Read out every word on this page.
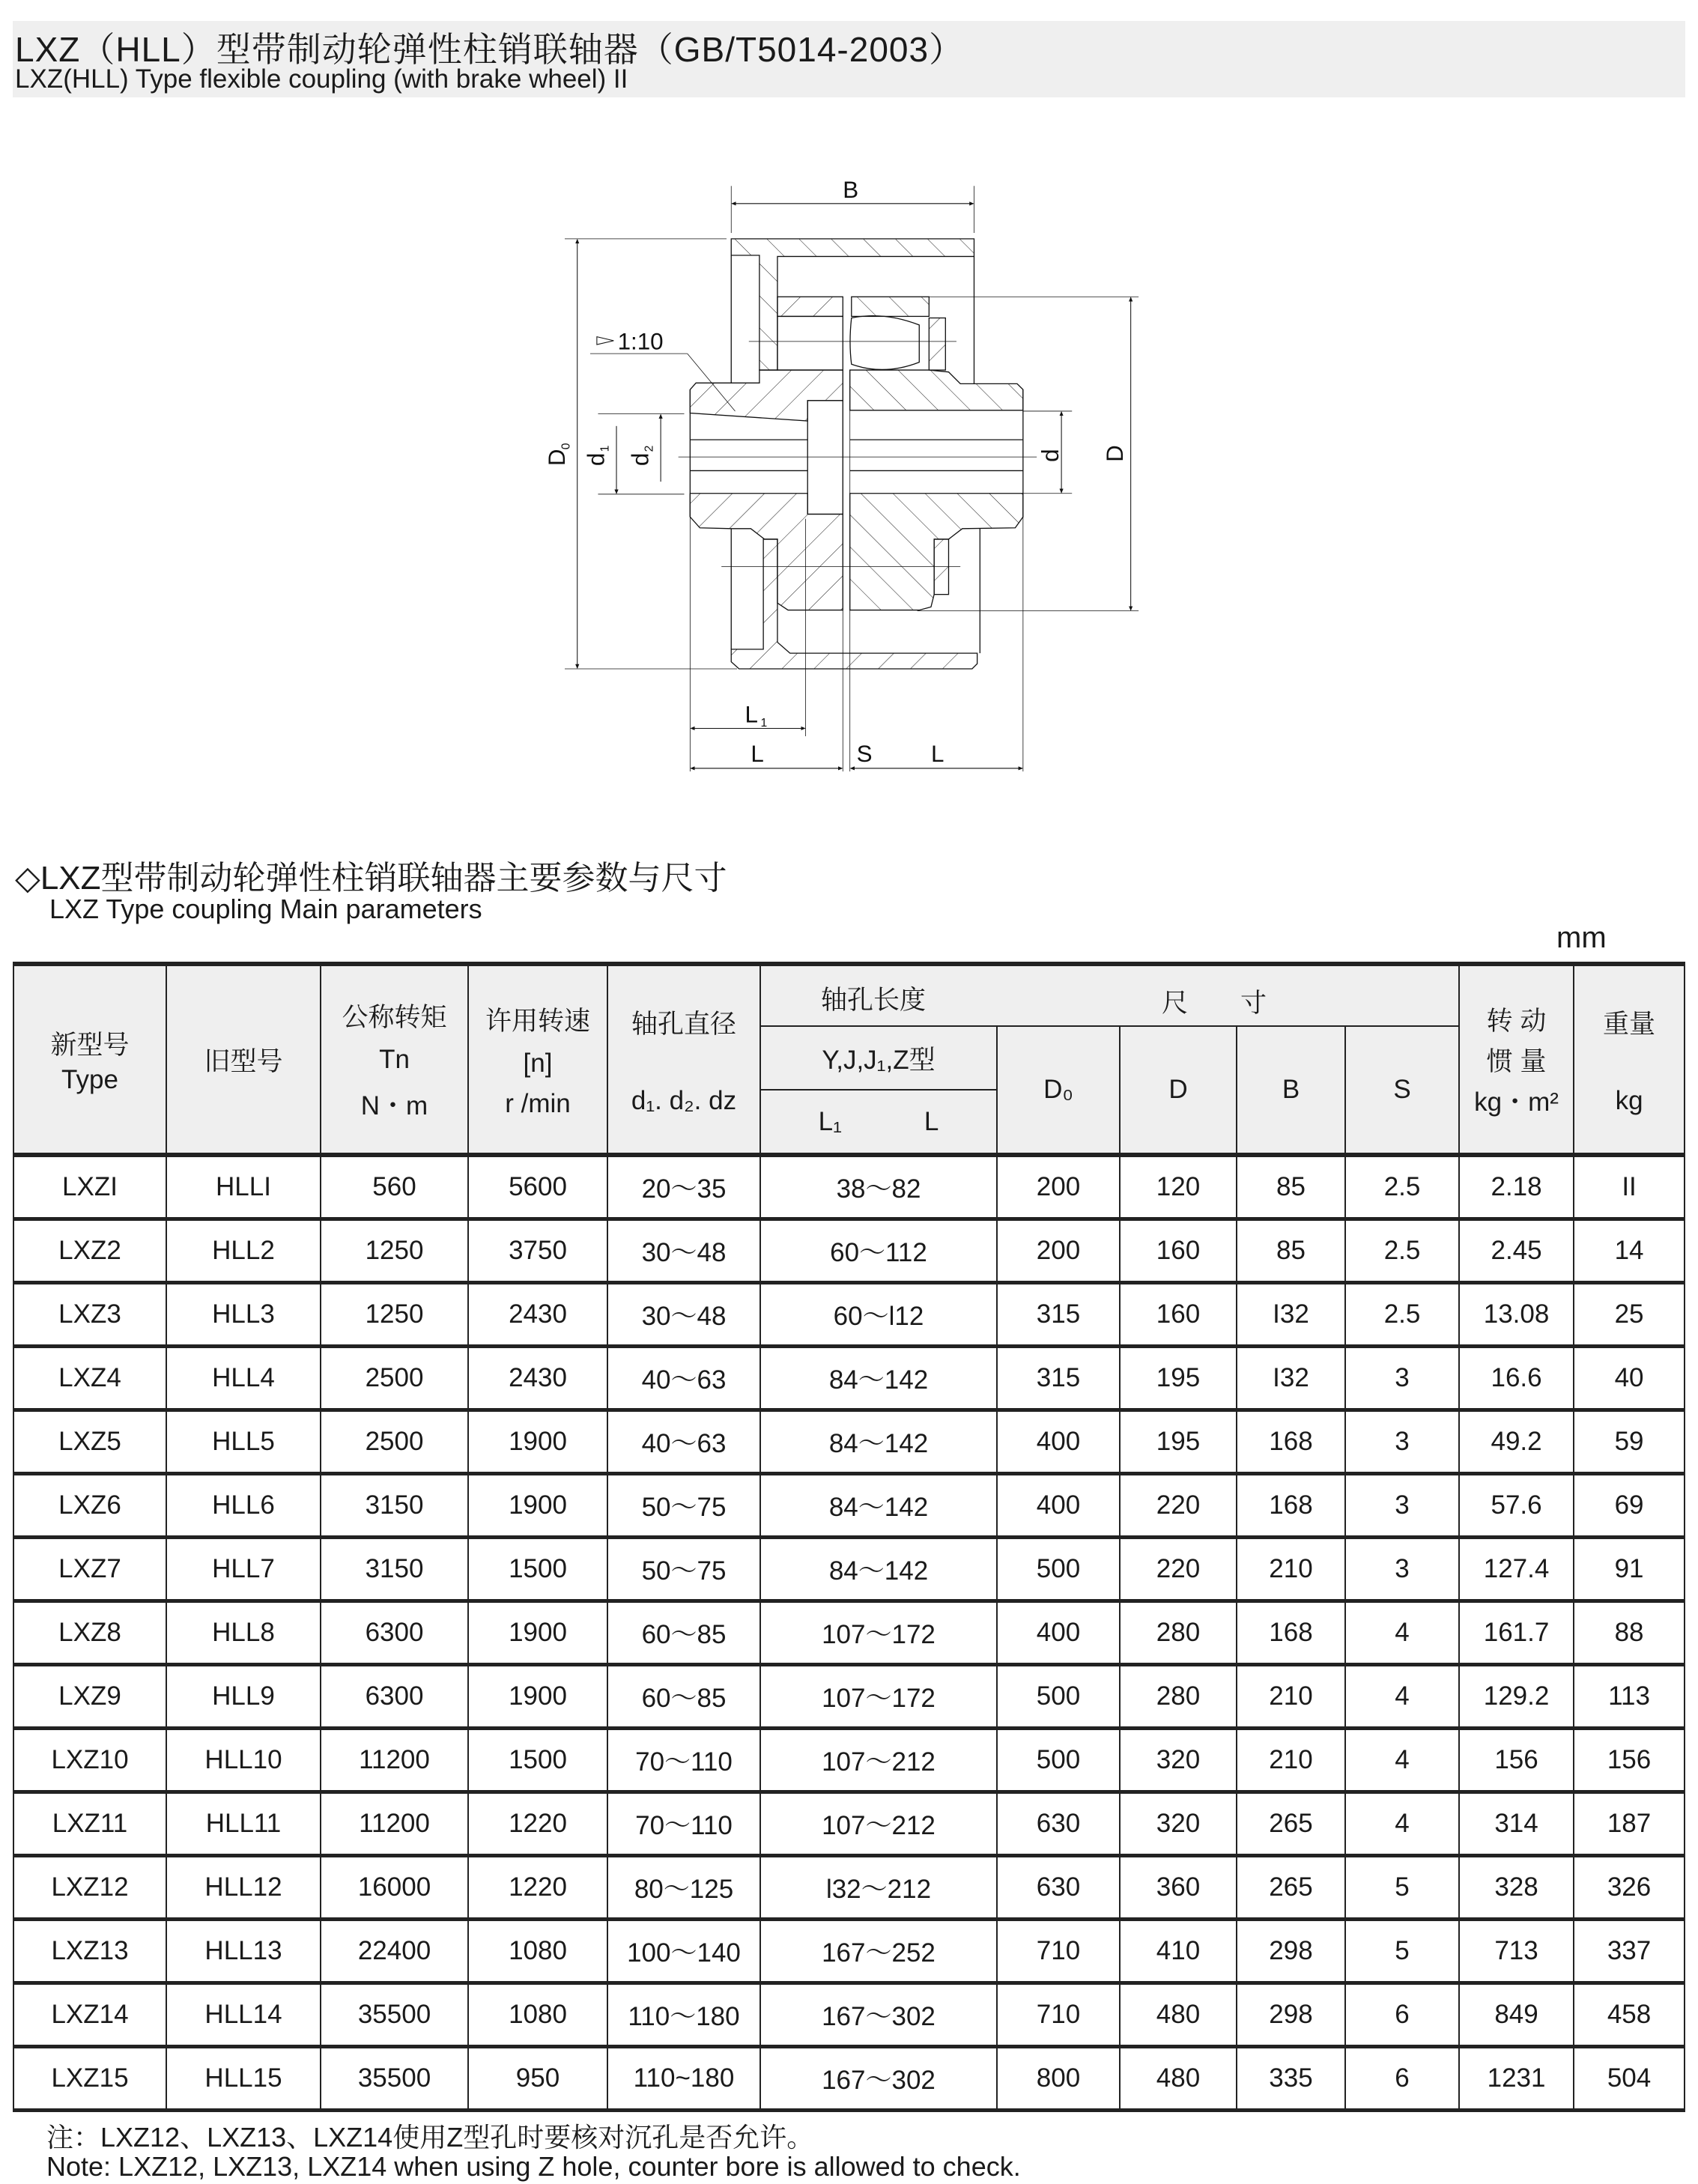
LXZ（HLL）型带制动轮弹性柱销联轴器（GB/T5014-2003）
LXZ(HLL) Type flexible coupling (with brake wheel) II
B
1:10
L
L S
L 1
D
0
d
1
d
2
d D
◇LXZ型带制动轮弹性柱销联轴器主要参数与尺寸
LXZ Type coupling Main parameters
mm
新型号
Type	旧型号	公称转矩
Tn
N・m	许用转速
[n]
r /min	轴孔直径
d₁. d₂. dz	轴孔长度 尺　　寸					转 动
惯 量
kg・m²	重量
kg

					Y,J,J₁,Z型	D₀	D	B	S		
					L₁ L						
LXZI	HLLI	560	5600	20～35	38～82	200	120	85	2.5	2.18	II
LXZ2	HLL2	1250	3750	30～48	60～112	200	160	85	2.5	2.45	14
LXZ3	HLL3	1250	2430	30～48	60～l12	315	160	I32	2.5	13.08	25
LXZ4	HLL4	2500	2430	40～63	84～142	315	195	I32	3	16.6	40
LXZ5	HLL5	2500	1900	40～63	84～142	400	195	168	3	49.2	59
LXZ6	HLL6	3150	1900	50～75	84～142	400	220	168	3	57.6	69
LXZ7	HLL7	3150	1500	50～75	84～142	500	220	210	3	127.4	91
LXZ8	HLL8	6300	1900	60～85	107～172	400	280	168	4	161.7	88
LXZ9	HLL9	6300	1900	60～85	107～172	500	280	210	4	129.2	113
LXZ10	HLL10	11200	1500	70～110	107～212	500	320	210	4	156	156
LXZ11	HLL11	11200	1220	70～110	107～212	630	320	265	4	314	187
LXZ12	HLL12	16000	1220	80～125	l32～212	630	360	265	5	328	326
LXZ13	HLL13	22400	1080	100～140	167～252	710	410	298	5	713	337
LXZ14	HLL14	35500	1080	110～180	167～302	710	480	298	6	849	458
LXZ15	HLL15	35500	950	110~180	167～302	800	480	335	6	1231	504
注：LXZ12、LXZ13、LXZ14使用Z型孔时要核对沉孔是否允许。
Note: LXZ12, LXZ13, LXZ14 when using Z hole, counter bore is allowed to check.
